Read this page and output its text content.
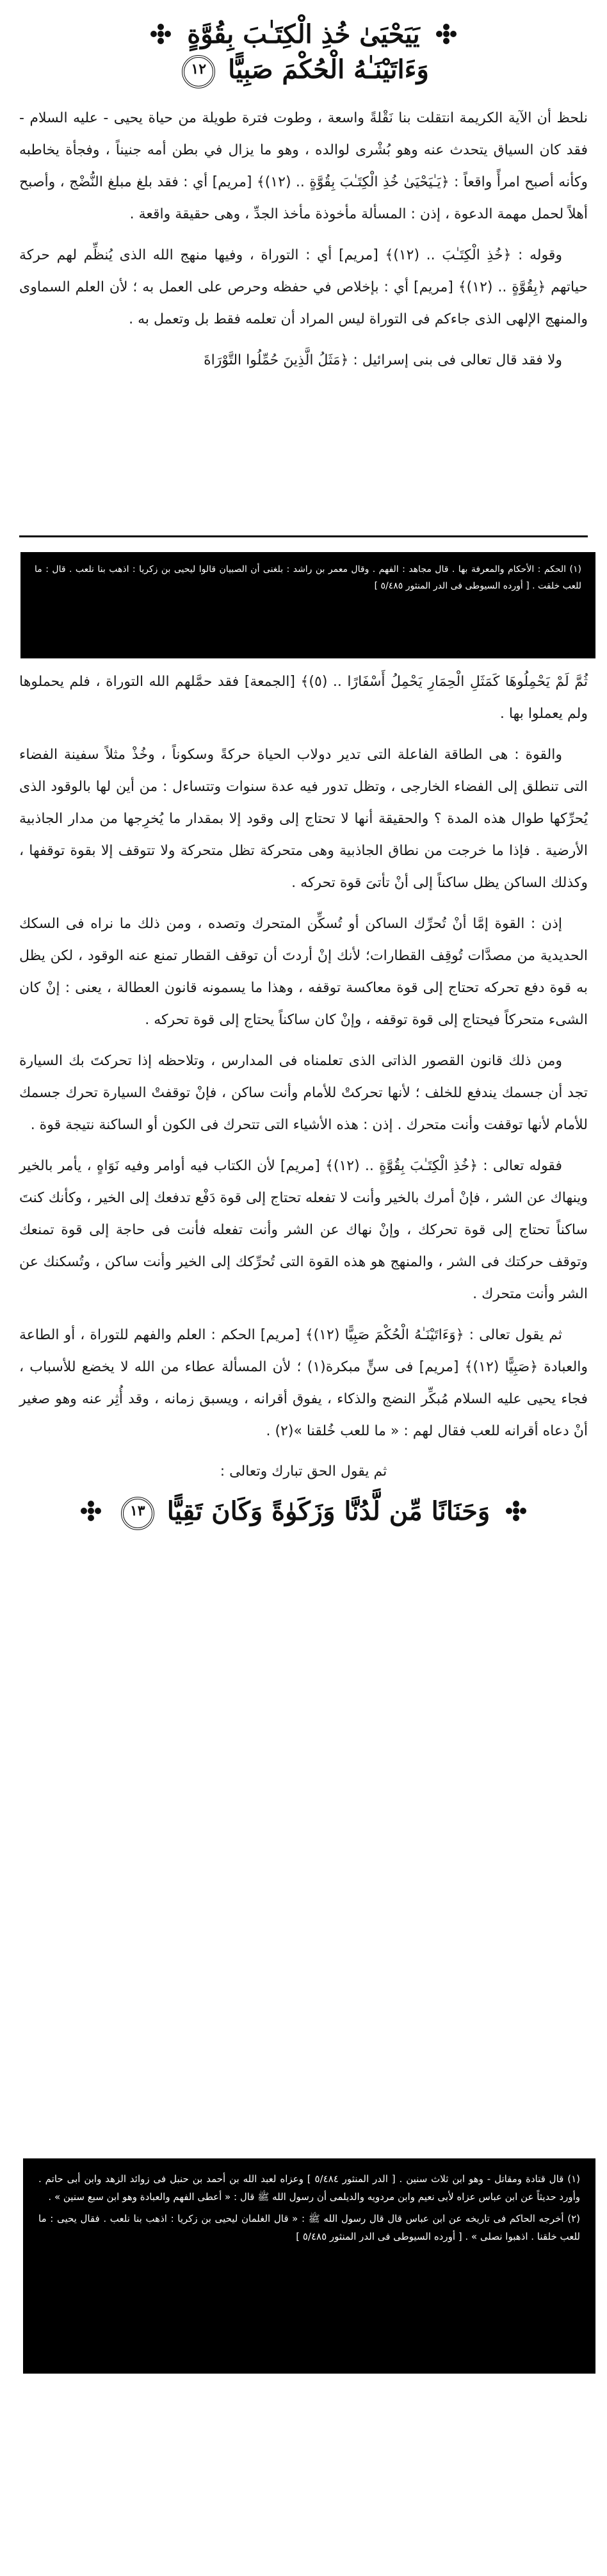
يَيَحْيَىٰ خُذِ الْكِتَـٰبَ بِقُوَّةٍ
وَءَاتَيْنَـٰهُ الْحُكْمَ صَبِيًّا ١٢

نلحظ أن الآية الكريمة انتقلت بنا نَقْلةً واسعة ، وطوت فترة طويلة من حياة يحيى - عليه السلام - فقد كان السياق يتحدث عنه وهو بُشْرى لوالده ، وهو ما يزال في بطن أمه جنيناً ، وفجأة يخاطبه وكأنه أصبح امرأً واقعاً : ﴿يَـٰيَحْيَىٰ خُذِ الْكِتَـٰبَ بِقُوَّةٍ .. (١٢)﴾ [مريم] أي : فقد بلغ مبلغ النُّضْج ، وأصبح أهلاً لحمل مهمة الدعوة ، إذن : المسألة مأخوذة مأخذ الجدِّ ، وهى حقيقة واقعة .

وقوله : ﴿خُذِ الْكِتَـٰبَ .. (١٢)﴾ [مريم] أي : التوراة ، وفيها منهج الله الذى يُنظِّم لهم حركة حياتهم ﴿بِقُوَّةٍ .. (١٢)﴾ [مريم] أي : بإخلاص في حفظه وحرص على العمل به ؛ لأن العلم السماوى والمنهج الإلهى الذى جاءكم فى التوراة ليس المراد أن تعلمه فقط بل وتعمل به .

ولا فقد قال تعالى فى بنى إسرائيل : ﴿مَثَلُ الَّذِينَ حُمِّلُوا التَّوْرَاةَ

(١) الحكم : الأحكام والمعرفة بها . قال مجاهد : الفهم . وقال معمر بن راشد : بلغنى أن الصبيان قالوا ليحيى بن زكريا : اذهب بنا نلعب . قال : ما للعب خلقت . [ أورده السيوطى فى الدر المنثور ٥/٤٨٥ ]

ثُمَّ لَمْ يَحْمِلُوهَا كَمَثَلِ الْحِمَارِ يَحْمِلُ أَسْفَارًا .. (٥)﴾ [الجمعة] فقد حمَّلهم الله التوراة ، فلم يحملوها ولم يعملوا بها .

والقوة : هى الطاقة الفاعلة التى تدير دولاب الحياة حركةً وسكوناً ، وخُذْ مثلاً سفينة الفضاء التى تنطلق إلى الفضاء الخارجى ، وتظل تدور فيه عدة سنوات وتتساءل : من أين لها بالوقود الذى يُحرِّكها طوال هذه المدة ؟ والحقيقة أنها لا تحتاج إلى وقود إلا بمقدار ما يُخرِجها من مدار الجاذبية الأرضية . فإذا ما خرجت من نطاق الجاذبية وهى متحركة تظل متحركة ولا تتوقف إلا بقوة توقفها ، وكذلك الساكن يظل ساكناً إلى أنْ تأتىَ قوة تحركه .

إذن : القوة إمَّا أنْ تُحرِّك الساكن أو تُسكِّن المتحرك وتصده ، ومن ذلك ما نراه فى السكك الحديدية من مصدَّات تُوقِف القطارات؛ لأنك إنْ أردتَ أن توقف القطار تمنع عنه الوقود ، لكن يظل به قوة دفع تحركه تحتاج إلى قوة معاكسة توقفه ، وهذا ما يسمونه قانون العطالة ، يعنى : إنْ كان الشىء متحركاً فيحتاج إلى قوة توقفه ، وإنْ كان ساكناً يحتاج إلى قوة تحركه .

ومن ذلك قانون القصور الذاتى الذى تعلمناه فى المدارس ، وتلاحظه إذا تحركتَ بك السيارة تجد أن جسمك يندفع للخلف ؛ لأنها تحركتْ للأمام وأنت ساكن ، فإنْ توقفتْ السيارة تحرك جسمك للأمام لأنها توقفت وأنت متحرك . إذن : هذه الأشياء التى تتحرك فى الكون أو الساكنة نتيجة قوة .

فقوله تعالى : ﴿خُذِ الْكِتَـٰبَ بِقُوَّةٍ .. (١٢)﴾ [مريم] لأن الكتاب فيه أوامر وفيه نَوَاهٍ ، يأمر بالخير وينهاك عن الشر ، فإنْ أمرك بالخير وأنت لا تفعله تحتاج إلى قوة دَفْع تدفعك إلى الخير ، وكأنك كنتَ ساكناً تحتاج إلى قوة تحركك ، وإنْ نهاك عن الشر وأنت تفعله فأنت فى حاجة إلى قوة تمنعك وتوقف حركتك فى الشر ، والمنهج هو هذه القوة التى تُحرِّكك إلى الخير وأنت ساكن ، وتُسكنك عن الشر وأنت متحرك .

ثم يقول تعالى : ﴿وَءَاتَيْنَـٰهُ الْحُكْمَ صَبِيًّا (١٢)﴾ [مريم] الحكم : العلم والفهم للتوراة ، أو الطاعة والعبادة ﴿صَبِيًّا (١٢)﴾ [مريم] فى سنٍّ مبكرة(١) ؛ لأن المسألة عطاء من الله لا يخضع للأسباب ، فجاء يحيى عليه السلام مُبكِّر النضج والذكاء ، يفوق أقرانه ، ويسبق زمانه ، وقد أُثِر عنه وهو صغير أنْ دعاه أقرانه للعب فقال لهم : « ما للعب خُلقنا »(٢) .

ثم يقول الحق تبارك وتعالى :
وَحَنَانًا مِّن لَّدُنَّا وَزَكَوٰةً وَكَانَ تَقِيًّا ١٣

(١) قال قتادة ومقاتل - وهو ابن ثلاث سنين . [ الدر المنثور ٥/٤٨٤ ] وعزاه لعبد الله بن أحمد بن حنبل فى زوائد الزهد وابن أبى حاتم . وأورد حديثاً عن ابن عباس عزاه لأبى نعيم وابن مردويه والديلمى أن رسول الله ﷺ قال : « أعطى الفهم والعبادة وهو ابن سبع سنين » .

(٢) أخرجه الحاكم فى تاريخه عن ابن عباس قال قال رسول الله ﷺ : « قال الغلمان ليحيى بن زكريا : اذهب بنا نلعب . فقال يحيى : ما للعب خلقنا . اذهبوا نصلى » . [ أورده السيوطى فى الدر المنثور ٥/٤٨٥ ]
